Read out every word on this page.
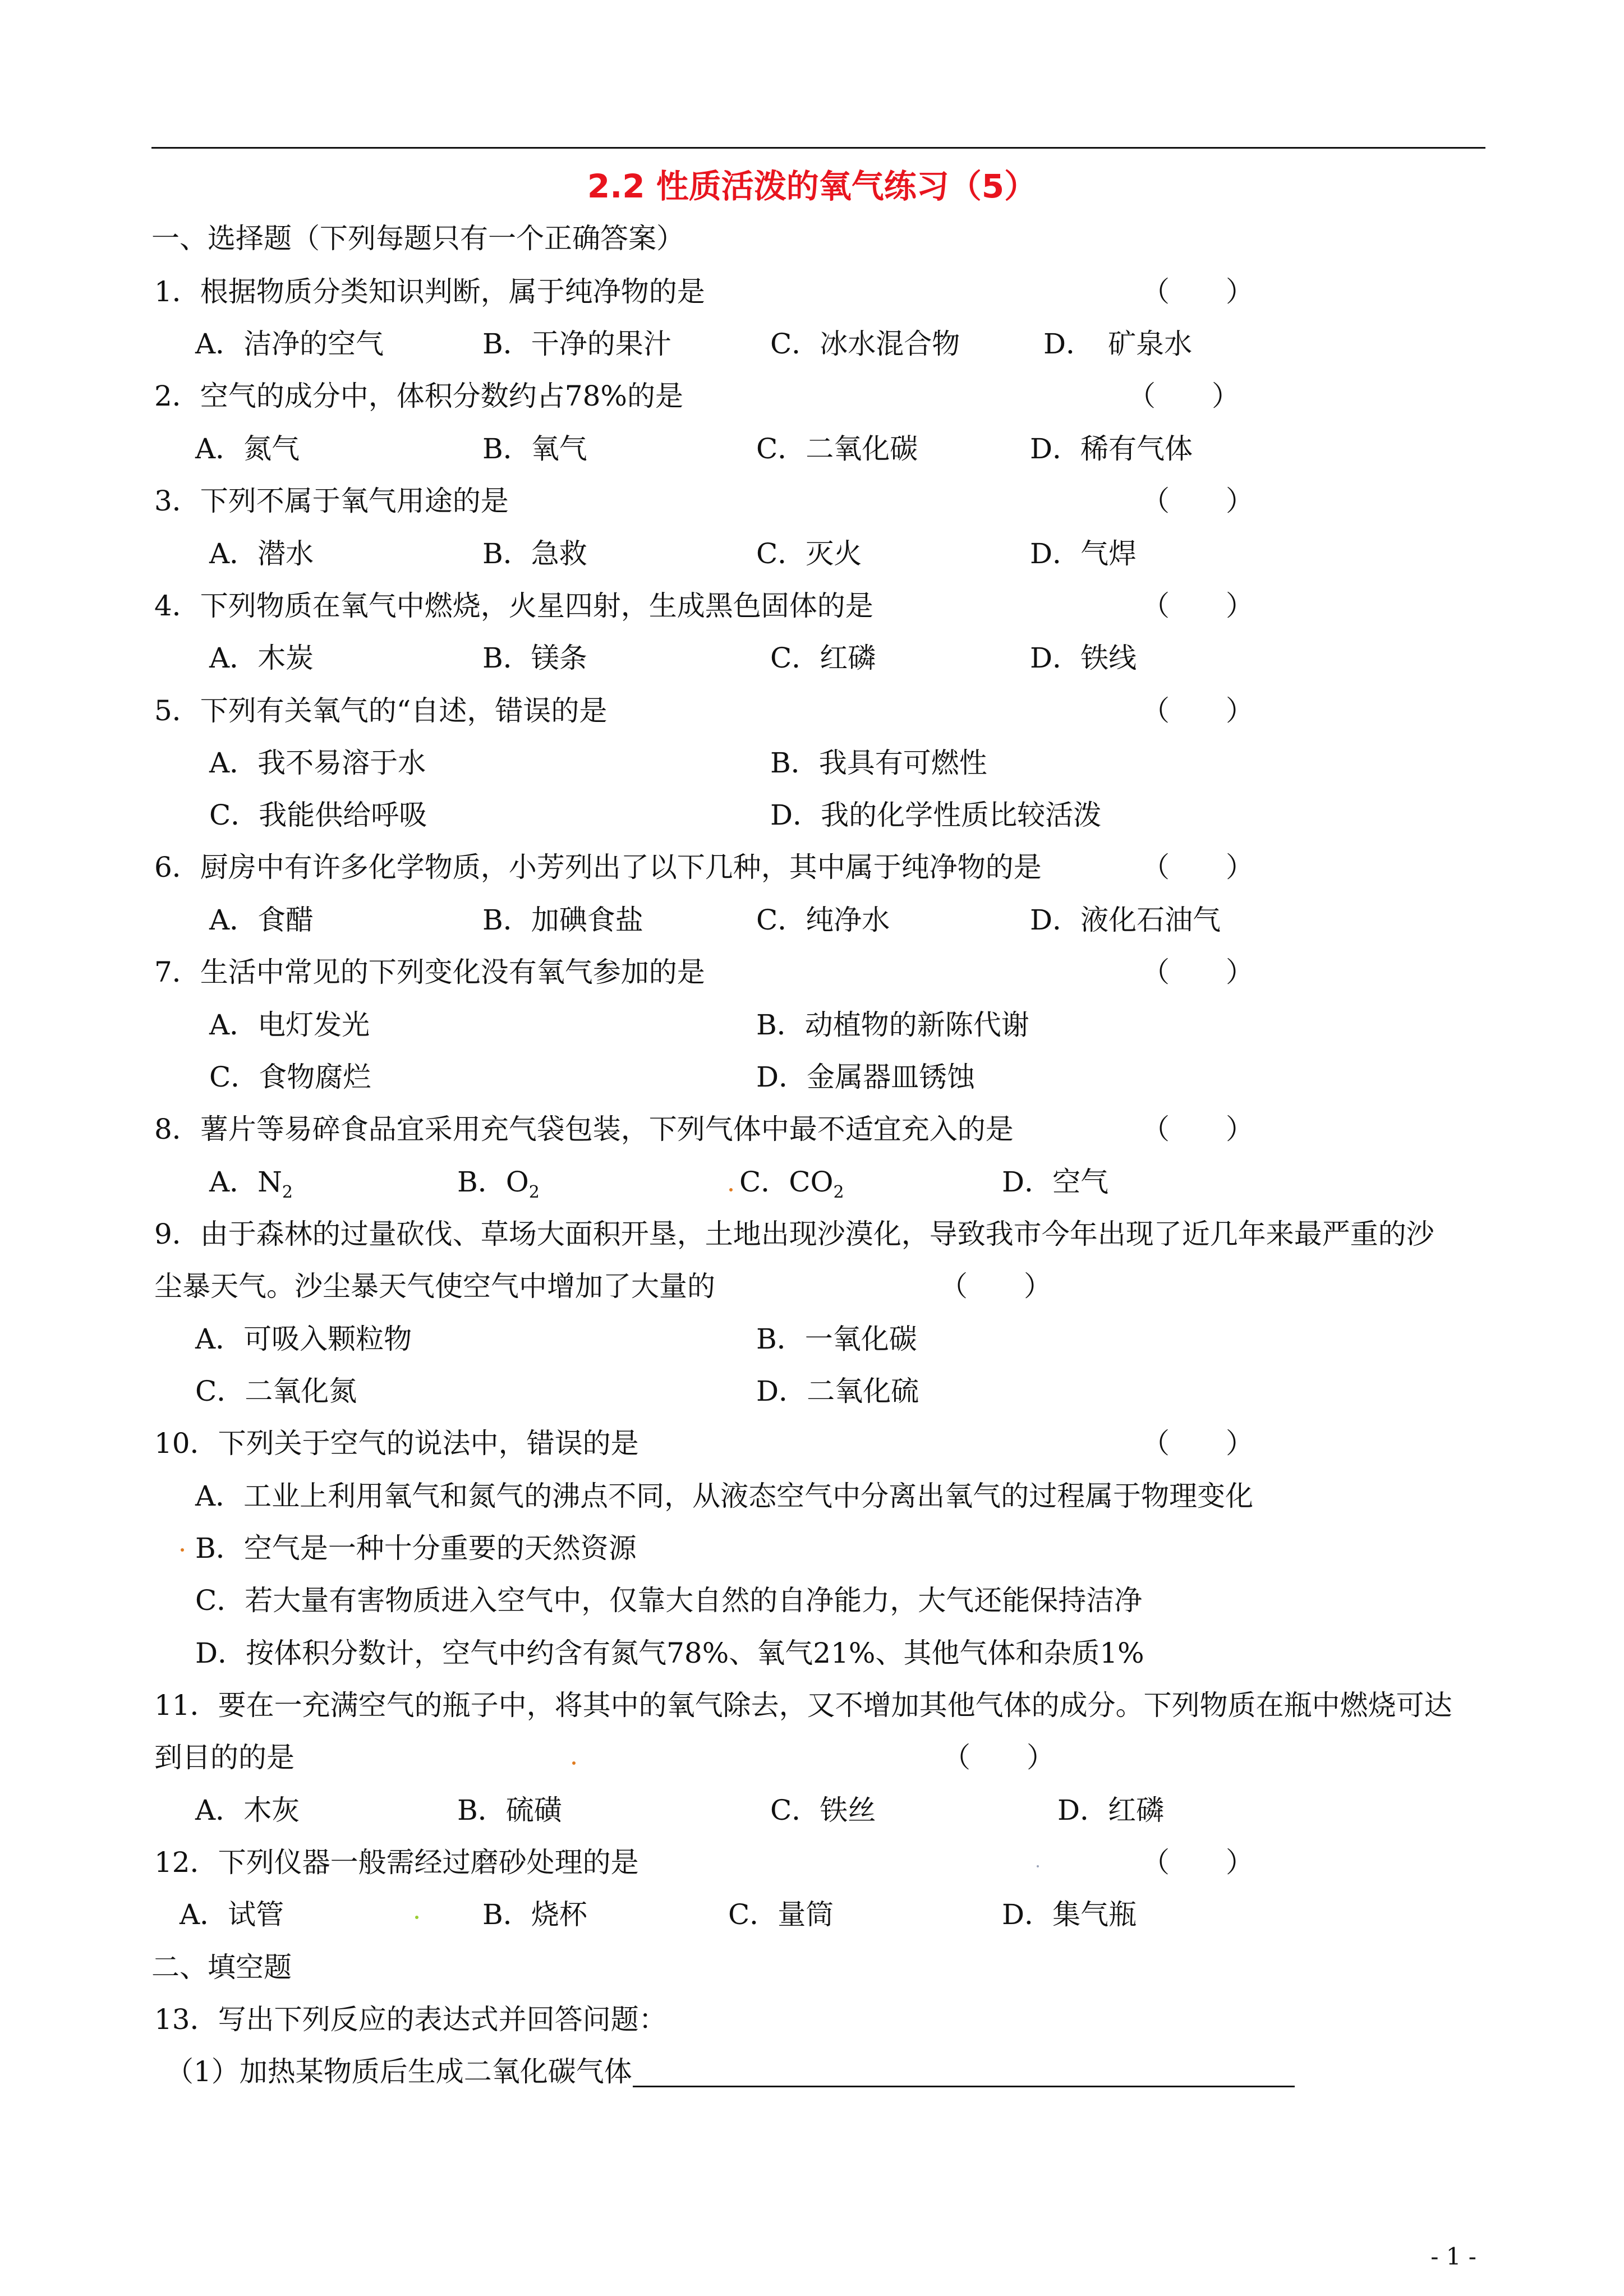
2.2 性质活泼的氧气练习（5）
一、选择题（下列每题只有一个正确答案）
1．根据物质分类知识判断，属于纯净物的是	（　　）
A．洁净的空气	B．干净的果汁	C．冰水混合物	D．　矿泉水
2．空气的成分中，体积分数约占78%的是	（　　）
A．氮气	B．氧气	C．二氧化碳	D．稀有气体
3．下列不属于氧气用途的是	（　　）
A．潜水	B．急救	C．灭火	D．气焊
4．下列物质在氧气中燃烧，火星四射，生成黑色固体的是	（　　）
A．木炭	B．镁条	C．红磷	D．铁线
5．下列有关氧气的“自述，错误的是	（　　）
A．我不易溶于水	B．我具有可燃性
C．我能供给呼吸	D．我的化学性质比较活泼
6．厨房中有许多化学物质，小芳列出了以下几种，其中属于纯净物的是	（　　）
A．食醋	B．加碘食盐	C．纯净水	D．液化石油气
7．生活中常见的下列变化没有氧气参加的是	（　　）
A．电灯发光	B．动植物的新陈代谢
C．食物腐烂	D．金属器皿锈蚀
8．薯片等易碎食品宜采用充气袋包装，下列气体中最不适宜充入的是	（　　）
A．$N_2$	B．$O_2$	C．$CO_2$	D．空气
9．由于森林的过量砍伐、草场大面积开垦，土地出现沙漠化，导致我市今年出现了近几年来最严重的沙
尘暴天气。沙尘暴天气使空气中增加了大量的	（　　）
A．可吸入颗粒物	B．一氧化碳
C．二氧化氮	D．二氧化硫
10．下列关于空气的说法中，错误的是	（　　）
A．工业上利用氧气和氮气的沸点不同，从液态空气中分离出氧气的过程属于物理变化
B．空气是一种十分重要的天然资源
C．若大量有害物质进入空气中，仅靠大自然的自净能力，大气还能保持洁净
D．按体积分数计，空气中约含有氮气78%、氧气21%、其他气体和杂质1%
11．要在一充满空气的瓶子中，将其中的氧气除去，又不增加其他气体的成分。下列物质在瓶中燃烧可达
到目的的是	（　　）
A．木灰	B．硫磺	C．铁丝	D．红磷
12．下列仪器一般需经过磨砂处理的是	（　　）
A．试管	B．烧杯	C．量筒	D．集气瓶
二、填空题
13．写出下列反应的表达式并回答问题：
（1）加热某物质后生成二氧化碳气体
- 1 -
